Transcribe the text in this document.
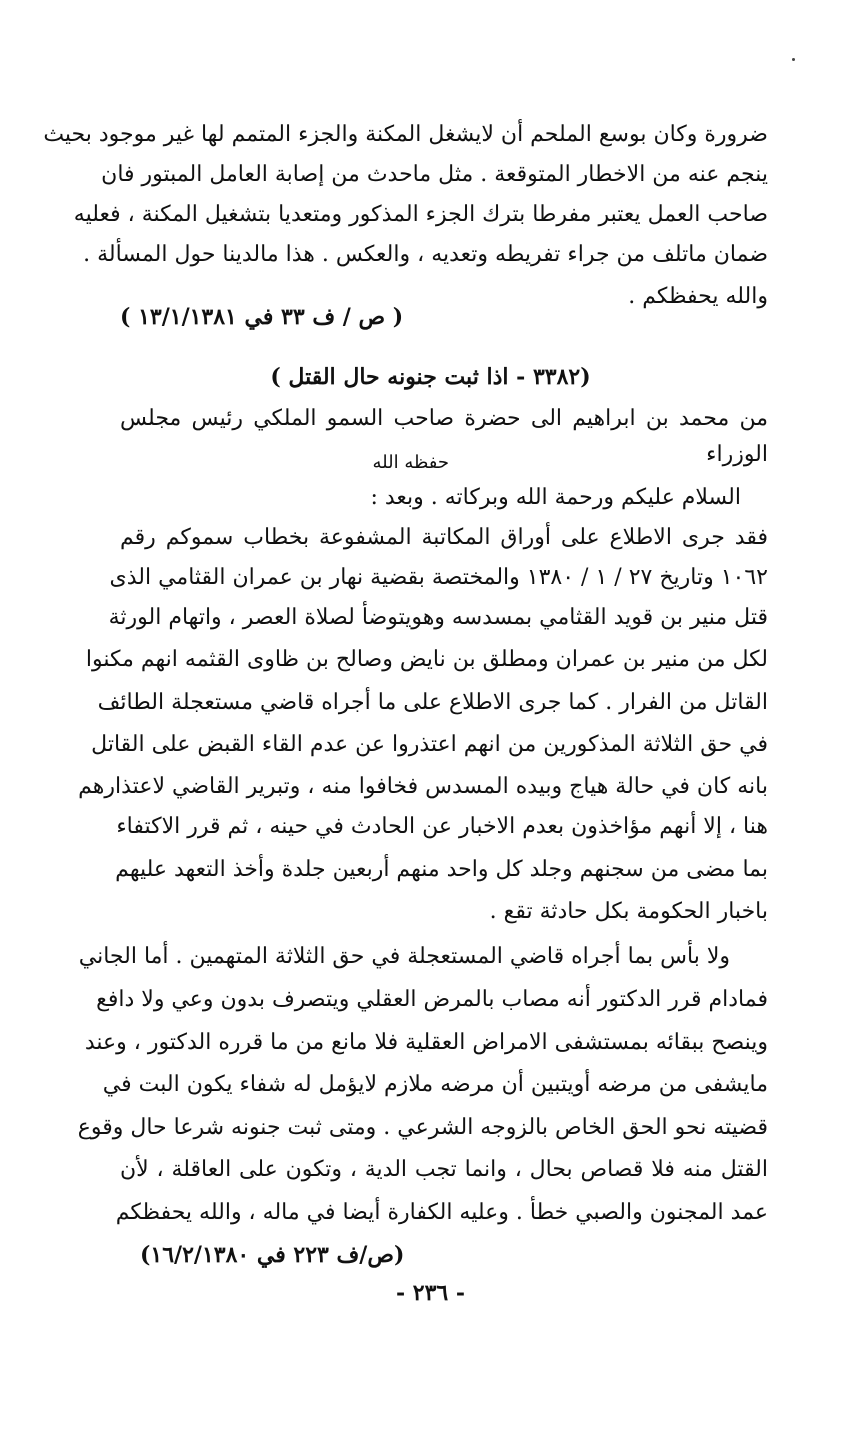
ضرورة وكان بوسع الملحم أن لايشغل المكنة والجزء المتمم لها غير موجود بحيث
ينجم عنه من الاخطار المتوقعة . مثل ماحدث من إصابة العامل المبتور فان
صاحب العمل يعتبر مفرطا بترك الجزء المذكور ومتعديا بتشغيل المكنة ، فعليه
ضمان ماتلف من جراء تفريطه وتعديه ، والعكس . هذا مالدينا حول المسألة .
والله يحفظكم .
( ص / ف ٣٣ في ١٣/١/١٣٨١ )
(٣٣٨٢ - اذا ثبت جنونه حال القتل )
من محمد بن ابراهيم الى حضرة صاحب السمو الملكي رئيس مجلس
الوزراء
حفظه الله
السلام عليكم ورحمة الله وبركاته . وبعد :
فقد جرى الاطلاع على أوراق المكاتبة المشفوعة بخطاب سموكم رقم
١٠٦٢ وتاريخ ٢٧ / ١ / ١٣٨٠ والمختصة بقضية نهار بن عمران القثامي الذى
قتل منير بن قويد القثامي بمسدسه وهويتوضأ لصلاة العصر ، واتهام الورثة
لكل من منير بن عمران ومطلق بن نايض وصالح بن ظاوى القثمه انهم مكنوا
القاتل من الفرار . كما جرى الاطلاع على ما أجراه قاضي مستعجلة الطائف
في حق الثلاثة المذكورين من انهم اعتذروا عن عدم القاء القبض على القاتل
بانه كان في حالة هياج وبيده المسدس فخافوا منه ، وتبرير القاضي لاعتذارهم
هنا ، إلا أنهم مؤاخذون بعدم الاخبار عن الحادث في حينه ، ثم قرر الاكتفاء
بما مضى من سجنهم وجلد كل واحد منهم أربعين جلدة وأخذ التعهد عليهم
باخبار الحكومة بكل حادثة تقع .
ولا بأس بما أجراه قاضي المستعجلة في حق الثلاثة المتهمين . أما الجاني
فمادام قرر الدكتور أنه مصاب بالمرض العقلي ويتصرف بدون وعي ولا دافع
وينصح ببقائه بمستشفى الامراض العقلية فلا مانع من ما قرره الدكتور ، وعند
مايشفى من مرضه أويتبين أن مرضه ملازم لايؤمل له شفاء يكون البت في
قضيته نحو الحق الخاص بالزوجه الشرعي . ومتى ثبت جنونه شرعا حال وقوع
القتل منه فلا قصاص بحال ، وانما تجب الدية ، وتكون على العاقلة ، لأن
عمد المجنون والصبي خطأ . وعليه الكفارة أيضا في ماله ، والله يحفظكم
(ص/ف ٢٢٣ في ١٦/٢/١٣٨٠)
- ٢٣٦ -
